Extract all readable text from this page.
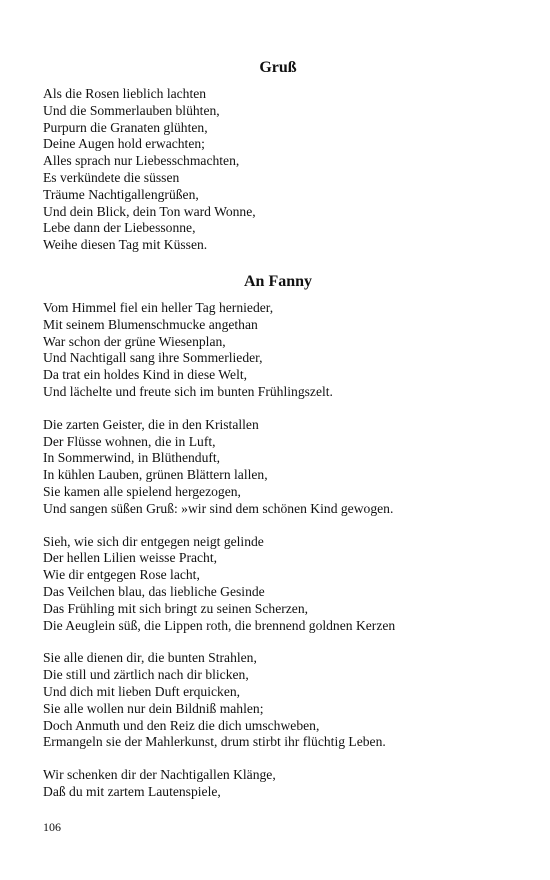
Gruß
Als die Rosen lieblich lachten
Und die Sommerlauben blühten,
Purpurn die Granaten glühten,
Deine Augen hold erwachten;
Alles sprach nur Liebesschmachten,
Es verkündete die süssen
Träume Nachtigallengrüßen,
Und dein Blick, dein Ton ward Wonne,
Lebe dann der Liebessonne,
Weihe diesen Tag mit Küssen.
An Fanny
Vom Himmel fiel ein heller Tag hernieder,
Mit seinem Blumenschmucke angethan
War schon der grüne Wiesenplan,
Und Nachtigall sang ihre Sommerlieder,
Da trat ein holdes Kind in diese Welt,
Und lächelte und freute sich im bunten Frühlingszelt.
Die zarten Geister, die in den Kristallen
Der Flüsse wohnen, die in Luft,
In Sommerwind, in Blüthenduft,
In kühlen Lauben, grünen Blättern lallen,
Sie kamen alle spielend hergezogen,
Und sangen süßen Gruß: »wir sind dem schönen Kind gewogen.
Sieh, wie sich dir entgegen neigt gelinde
Der hellen Lilien weisse Pracht,
Wie dir entgegen Rose lacht,
Das Veilchen blau, das liebliche Gesinde
Das Frühling mit sich bringt zu seinen Scherzen,
Die Aeuglein süß, die Lippen roth, die brennend goldnen Kerzen
Sie alle dienen dir, die bunten Strahlen,
Die still und zärtlich nach dir blicken,
Und dich mit lieben Duft erquicken,
Sie alle wollen nur dein Bildniß mahlen;
Doch Anmuth und den Reiz die dich umschweben,
Ermangeln sie der Mahlerkunst, drum stirbt ihr flüchtig Leben.
Wir schenken dir der Nachtigallen Klänge,
Daß du mit zartem Lautenspiele,
106
